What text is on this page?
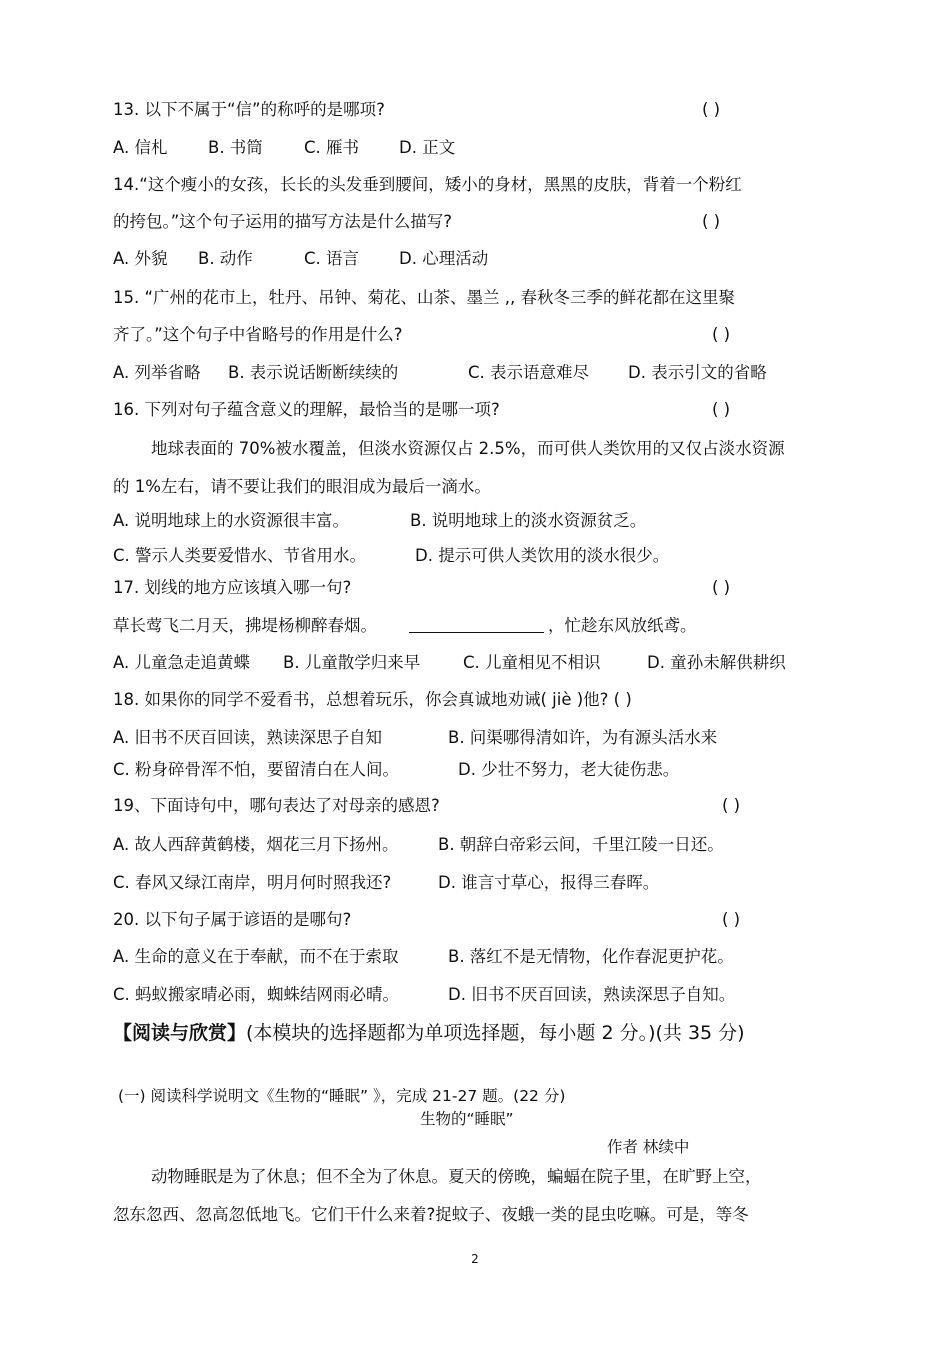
13. 以下不属于“信”的称呼的是哪项?	( )
A. 信札 B. 书筒 C. 雁书 D. 正文
14.“这个瘦小的女孩，长长的头发垂到腰间，矮小的身材，黑黑的皮肤，背着一个粉红
的挎包。”这个句子运用的描写方法是什么描写?	( )
A. 外貌 B. 动作	C. 语言 D. 心理活动
15. “广州的花市上，牡丹、吊钟、菊花、山茶、墨兰 ,, 春秋冬三季的鲜花都在这里聚
齐了。”这个句子中省略号的作用是什么?	( )
A. 列举省略 B. 表示说话断断续续的	C. 表示语意难尽 D. 表示引文的省略
16. 下列对句子蕴含意义的理解，最恰当的是哪一项?	( )
地球表面的 70%被水覆盖，但淡水资源仅占 2.5%，而可供人类饮用的又仅占淡水资源
的 1%左右，请不要让我们的眼泪成为最后一滴水。
A. 说明地球上的水资源很丰富。	B. 说明地球上的淡水资源贫乏。
C. 警示人类要爱惜水、节省用水。	D. 提示可供人类饮用的淡水很少。
17. 划线的地方应该填入哪一句?	( )
草长莺飞二月天，拂堤杨柳醉春烟。	，忙趁东风放纸鸢。
A. 儿童急走追黄蝶 B. 儿童散学归来早	C. 儿童相见不相识	D. 童孙未解供耕织
18. 如果你的同学不爱看书，总想着玩乐，你会真诚地劝诫( jiè )他? ( )
A. 旧书不厌百回读，熟读深思子自知	B. 问渠哪得清如许，为有源头活水来
C. 粉身碎骨浑不怕，要留清白在人间。	D. 少壮不努力，老大徒伤悲。
19、下面诗句中，哪句表达了对母亲的感恩?	( )
A. 故人西辞黄鹤楼，烟花三月下扬州。 B. 朝辞白帝彩云间，千里江陵一日还。
C. 春风又绿江南岸，明月何时照我还?	D. 谁言寸草心，报得三春晖。
20. 以下句子属于谚语的是哪句?	( )
A. 生命的意义在于奉献，而不在于索取	B. 落红不是无情物，化作春泥更护花。
C. 蚂蚁搬家晴必雨，蜘蛛结网雨必晴。	D. 旧书不厌百回读，熟读深思子自知。
【阅读与欣赏】(本模块的选择题都为单项选择题，每小题 2 分。)(共 35 分)
(一) 阅读科学说明文《生物的“睡眠” 》，完成 21-27 题。(22 分)
生物的“睡眠”
作者 林续中
动物睡眠是为了休息；但不全为了休息。夏天的傍晚，蝙蝠在院子里，在旷野上空，
忽东忽西、忽高忽低地飞。它们干什么来着?捉蚊子、夜蛾一类的昆虫吃嘛。可是，等冬
2
